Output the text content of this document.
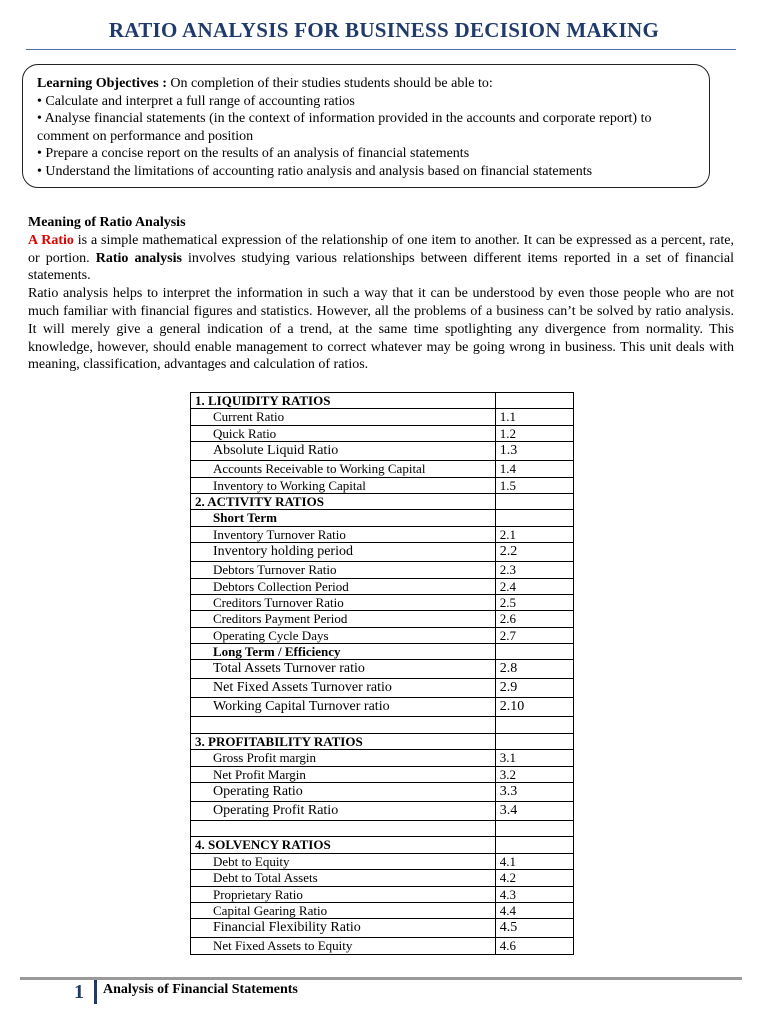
RATIO ANALYSIS FOR BUSINESS DECISION MAKING
Learning Objectives : On completion of their studies students should be able to:
• Calculate and interpret a full range of accounting ratios
• Analyse financial statements (in the context of information provided in the accounts and corporate report) to
comment on performance and position
• Prepare a concise report on the results of an analysis of financial statements
• Understand the limitations of accounting ratio analysis and analysis based on financial statements

Meaning of Ratio Analysis

A Ratio is a simple mathematical expression of the relationship of one item to another. It can be expressed as a percent, rate, or portion. Ratio analysis involves studying various relationships between different items reported in a set of financial statements.

Ratio analysis helps to interpret the information in such a way that it can be understood by even those people who are not much familiar with financial figures and statistics. However, all the problems of a business can’t be solved by ratio analysis. It will merely give a general indication of a trend, at the same time spotlighting any divergence from normality. This knowledge, however, should enable management to correct whatever may be going wrong in business. This unit deals with meaning, classification, advantages and calculation of ratios.

1. LIQUIDITY RATIOS	
Current Ratio	1.1
Quick Ratio	1.2
Absolute Liquid Ratio	1.3
Accounts Receivable to Working Capital	1.4
Inventory to Working Capital	1.5
2. ACTIVITY RATIOS	
Short Term	
Inventory Turnover Ratio	2.1
Inventory holding period	2.2
Debtors Turnover Ratio	2.3
Debtors Collection Period	2.4
Creditors Turnover Ratio	2.5
Creditors Payment Period	2.6
Operating Cycle Days	2.7
Long Term / Efficiency	
Total Assets Turnover ratio	2.8
Net Fixed Assets Turnover ratio	2.9
Working Capital Turnover ratio	2.10

3. PROFITABILITY RATIOS	
Gross Profit margin	3.1
Net Profit Margin	3.2
Operating Ratio	3.3
Operating Profit Ratio	3.4

4. SOLVENCY RATIOS	
Debt to Equity	4.1
Debt to Total Assets	4.2
Proprietary Ratio	4.3
Capital Gearing Ratio	4.4
Financial Flexibility Ratio	4.5
Net Fixed Assets to Equity	4.6
1 Analysis of Financial Statements
